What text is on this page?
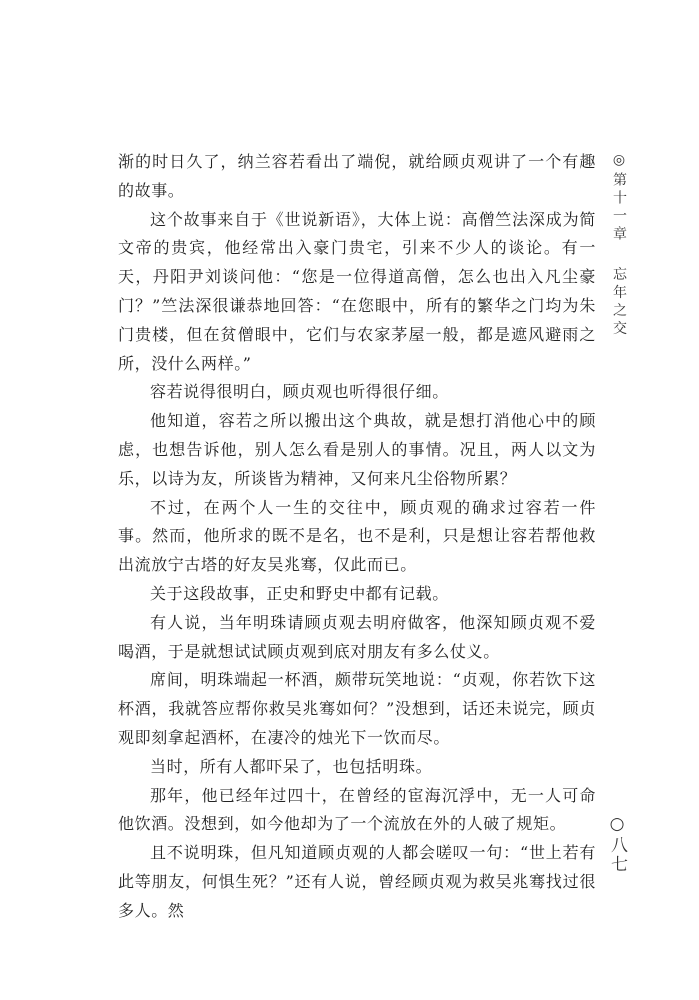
渐的时日久了，纳兰容若看出了端倪，就给顾贞观讲了一个有趣的故事。

这个故事来自于《世说新语》，大体上说：高僧竺法深成为简文帝的贵宾，他经常出入豪门贵宅，引来不少人的谈论。有一天，丹阳尹刘谈问他：“您是一位得道高僧，怎么也出入凡尘豪门？”竺法深很谦恭地回答：“在您眼中，所有的繁华之门均为朱门贵楼，但在贫僧眼中，它们与农家茅屋一般，都是遮风避雨之所，没什么两样。”

容若说得很明白，顾贞观也听得很仔细。

他知道，容若之所以搬出这个典故，就是想打消他心中的顾虑，也想告诉他，别人怎么看是别人的事情。况且，两人以文为乐，以诗为友，所谈皆为精神，又何来凡尘俗物所累？

不过，在两个人一生的交往中，顾贞观的确求过容若一件事。然而，他所求的既不是名，也不是利，只是想让容若帮他救出流放宁古塔的好友吴兆骞，仅此而已。

关于这段故事，正史和野史中都有记载。

有人说，当年明珠请顾贞观去明府做客，他深知顾贞观不爱喝酒，于是就想试试顾贞观到底对朋友有多么仗义。

席间，明珠端起一杯酒，颇带玩笑地说：“贞观，你若饮下这杯酒，我就答应帮你救吴兆骞如何？”没想到，话还未说完，顾贞观即刻拿起酒杯，在凄冷的烛光下一饮而尽。

当时，所有人都吓呆了，也包括明珠。

那年，他已经年过四十，在曾经的宦海沉浮中，无一人可命他饮酒。没想到，如今他却为了一个流放在外的人破了规矩。

且不说明珠，但凡知道顾贞观的人都会嗟叹一句：“世上若有此等朋友，何惧生死？”还有人说，曾经顾贞观为救吴兆骞找过很多人。然

◎第十一章 忘年之交
○八七
